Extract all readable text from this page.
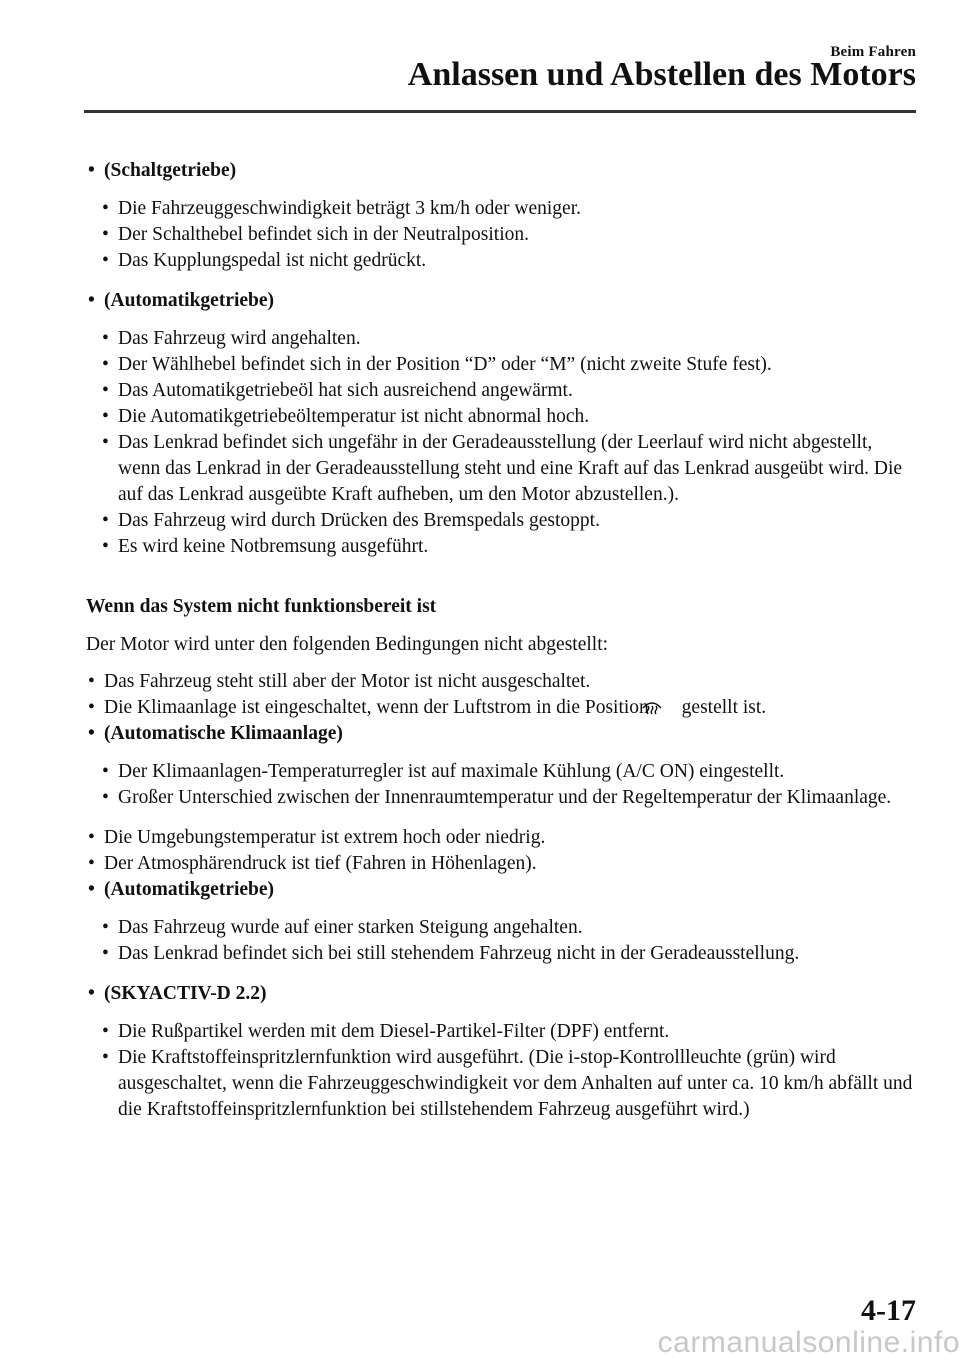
Beim Fahren
Anlassen und Abstellen des Motors
• (Schaltgetriebe)
• Die Fahrzeuggeschwindigkeit beträgt 3 km/h oder weniger.
• Der Schalthebel befindet sich in der Neutralposition.
• Das Kupplungspedal ist nicht gedrückt.
• (Automatikgetriebe)
• Das Fahrzeug wird angehalten.
• Der Wählhebel befindet sich in der Position “D” oder “M” (nicht zweite Stufe fest).
• Das Automatikgetriebeöl hat sich ausreichend angewärmt.
• Die Automatikgetriebeöltemperatur ist nicht abnormal hoch.
• Das Lenkrad befindet sich ungefähr in der Geradeausstellung (der Leerlauf wird nicht abgestellt, wenn das Lenkrad in der Geradeausstellung steht und eine Kraft auf das Lenkrad ausgeübt wird. Die auf das Lenkrad ausgeübte Kraft aufheben, um den Motor abzustellen.).
• Das Fahrzeug wird durch Drücken des Bremspedals gestoppt.
• Es wird keine Notbremsung ausgeführt.
Wenn das System nicht funktionsbereit ist
Der Motor wird unter den folgenden Bedingungen nicht abgestellt:
• Das Fahrzeug steht still aber der Motor ist nicht ausgeschaltet.
• Die Klimaanlage ist eingeschaltet, wenn der Luftstrom in die Position gestellt ist.
• (Automatische Klimaanlage)
• Der Klimaanlagen-Temperaturregler ist auf maximale Kühlung (A/C ON) eingestellt.
• Großer Unterschied zwischen der Innenraumtemperatur und der Regeltemperatur der Klimaanlage.
• Die Umgebungstemperatur ist extrem hoch oder niedrig.
• Der Atmosphärendruck ist tief (Fahren in Höhenlagen).
• (Automatikgetriebe)
• Das Fahrzeug wurde auf einer starken Steigung angehalten.
• Das Lenkrad befindet sich bei still stehendem Fahrzeug nicht in der Geradeausstellung.
• (SKYACTIV-D 2.2)
• Die Rußpartikel werden mit dem Diesel-Partikel-Filter (DPF) entfernt.
• Die Kraftstoffeinspritzlernfunktion wird ausgeführt. (Die i-stop-Kontrollleuchte (grün) wird ausgeschaltet, wenn die Fahrzeuggeschwindigkeit vor dem Anhalten auf unter ca. 10 km/h abfällt und die Kraftstoffeinspritzlernfunktion bei stillstehendem Fahrzeug ausgeführt wird.)
4-17
carmanualsonline.info
